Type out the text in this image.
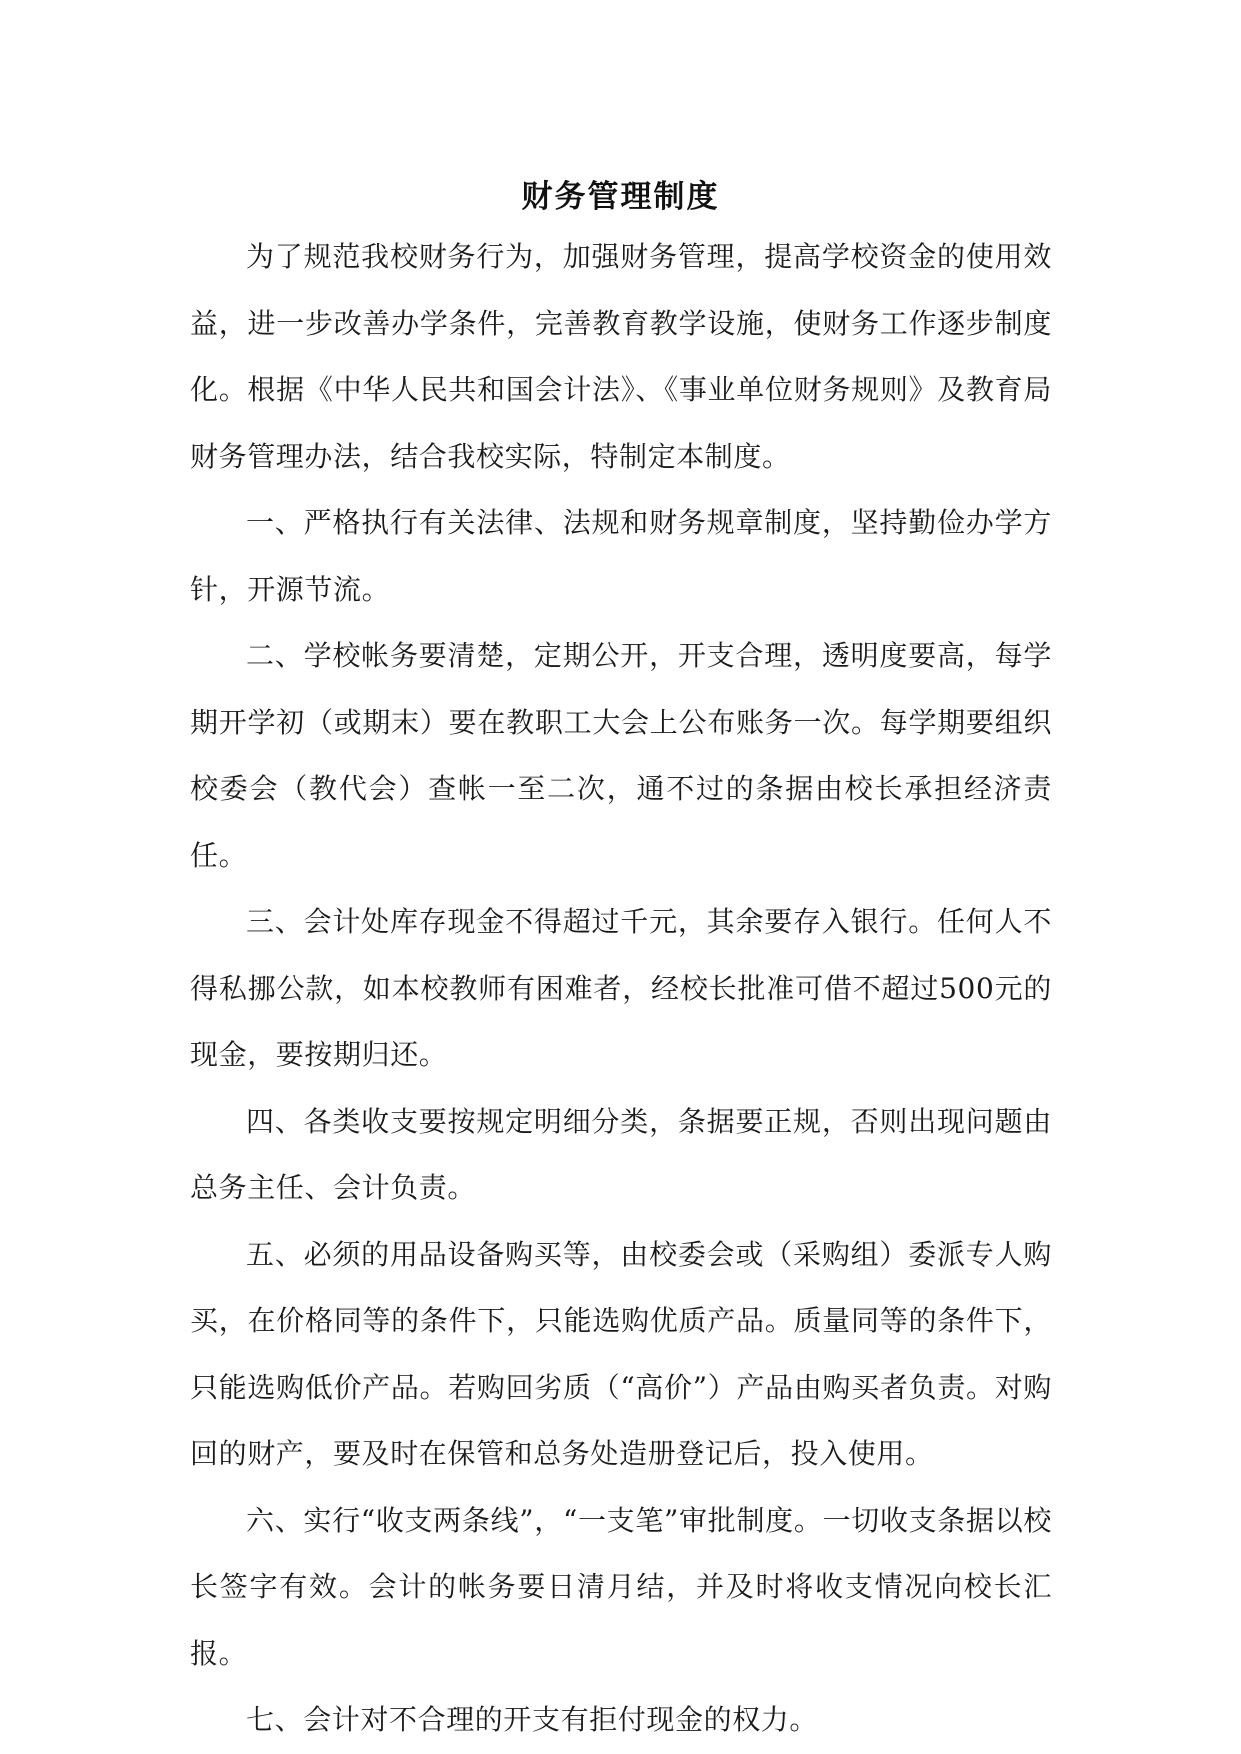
财务管理制度

为了规范我校财务行为，加强财务管理，提高学校资金的使用效益，进一步改善办学条件，完善教育教学设施，使财务工作逐步制度化。根据《中华人民共和国会计法》、《事业单位财务规则》及教育局财务管理办法，结合我校实际，特制定本制度。

一、严格执行有关法律、法规和财务规章制度，坚持勤俭办学方针，开源节流。

二、学校帐务要清楚，定期公开，开支合理，透明度要高，每学期开学初（或期末）要在教职工大会上公布账务一次。每学期要组织校委会（教代会）查帐一至二次，通不过的条据由校长承担经济责任。

三、会计处库存现金不得超过千元，其余要存入银行。任何人不得私挪公款，如本校教师有困难者，经校长批准可借不超过500元的现金，要按期归还。

四、各类收支要按规定明细分类，条据要正规，否则出现问题由总务主任、会计负责。

五、必须的用品设备购买等，由校委会或（采购组）委派专人购买，在价格同等的条件下，只能选购优质产品。质量同等的条件下，只能选购低价产品。若购回劣质（“高价”）产品由购买者负责。对购回的财产，要及时在保管和总务处造册登记后，投入使用。

六、实行“收支两条线”，“一支笔”审批制度。一切收支条据以校长签字有效。会计的帐务要日清月结，并及时将收支情况向校长汇报。

七、会计对不合理的开支有拒付现金的权力。
